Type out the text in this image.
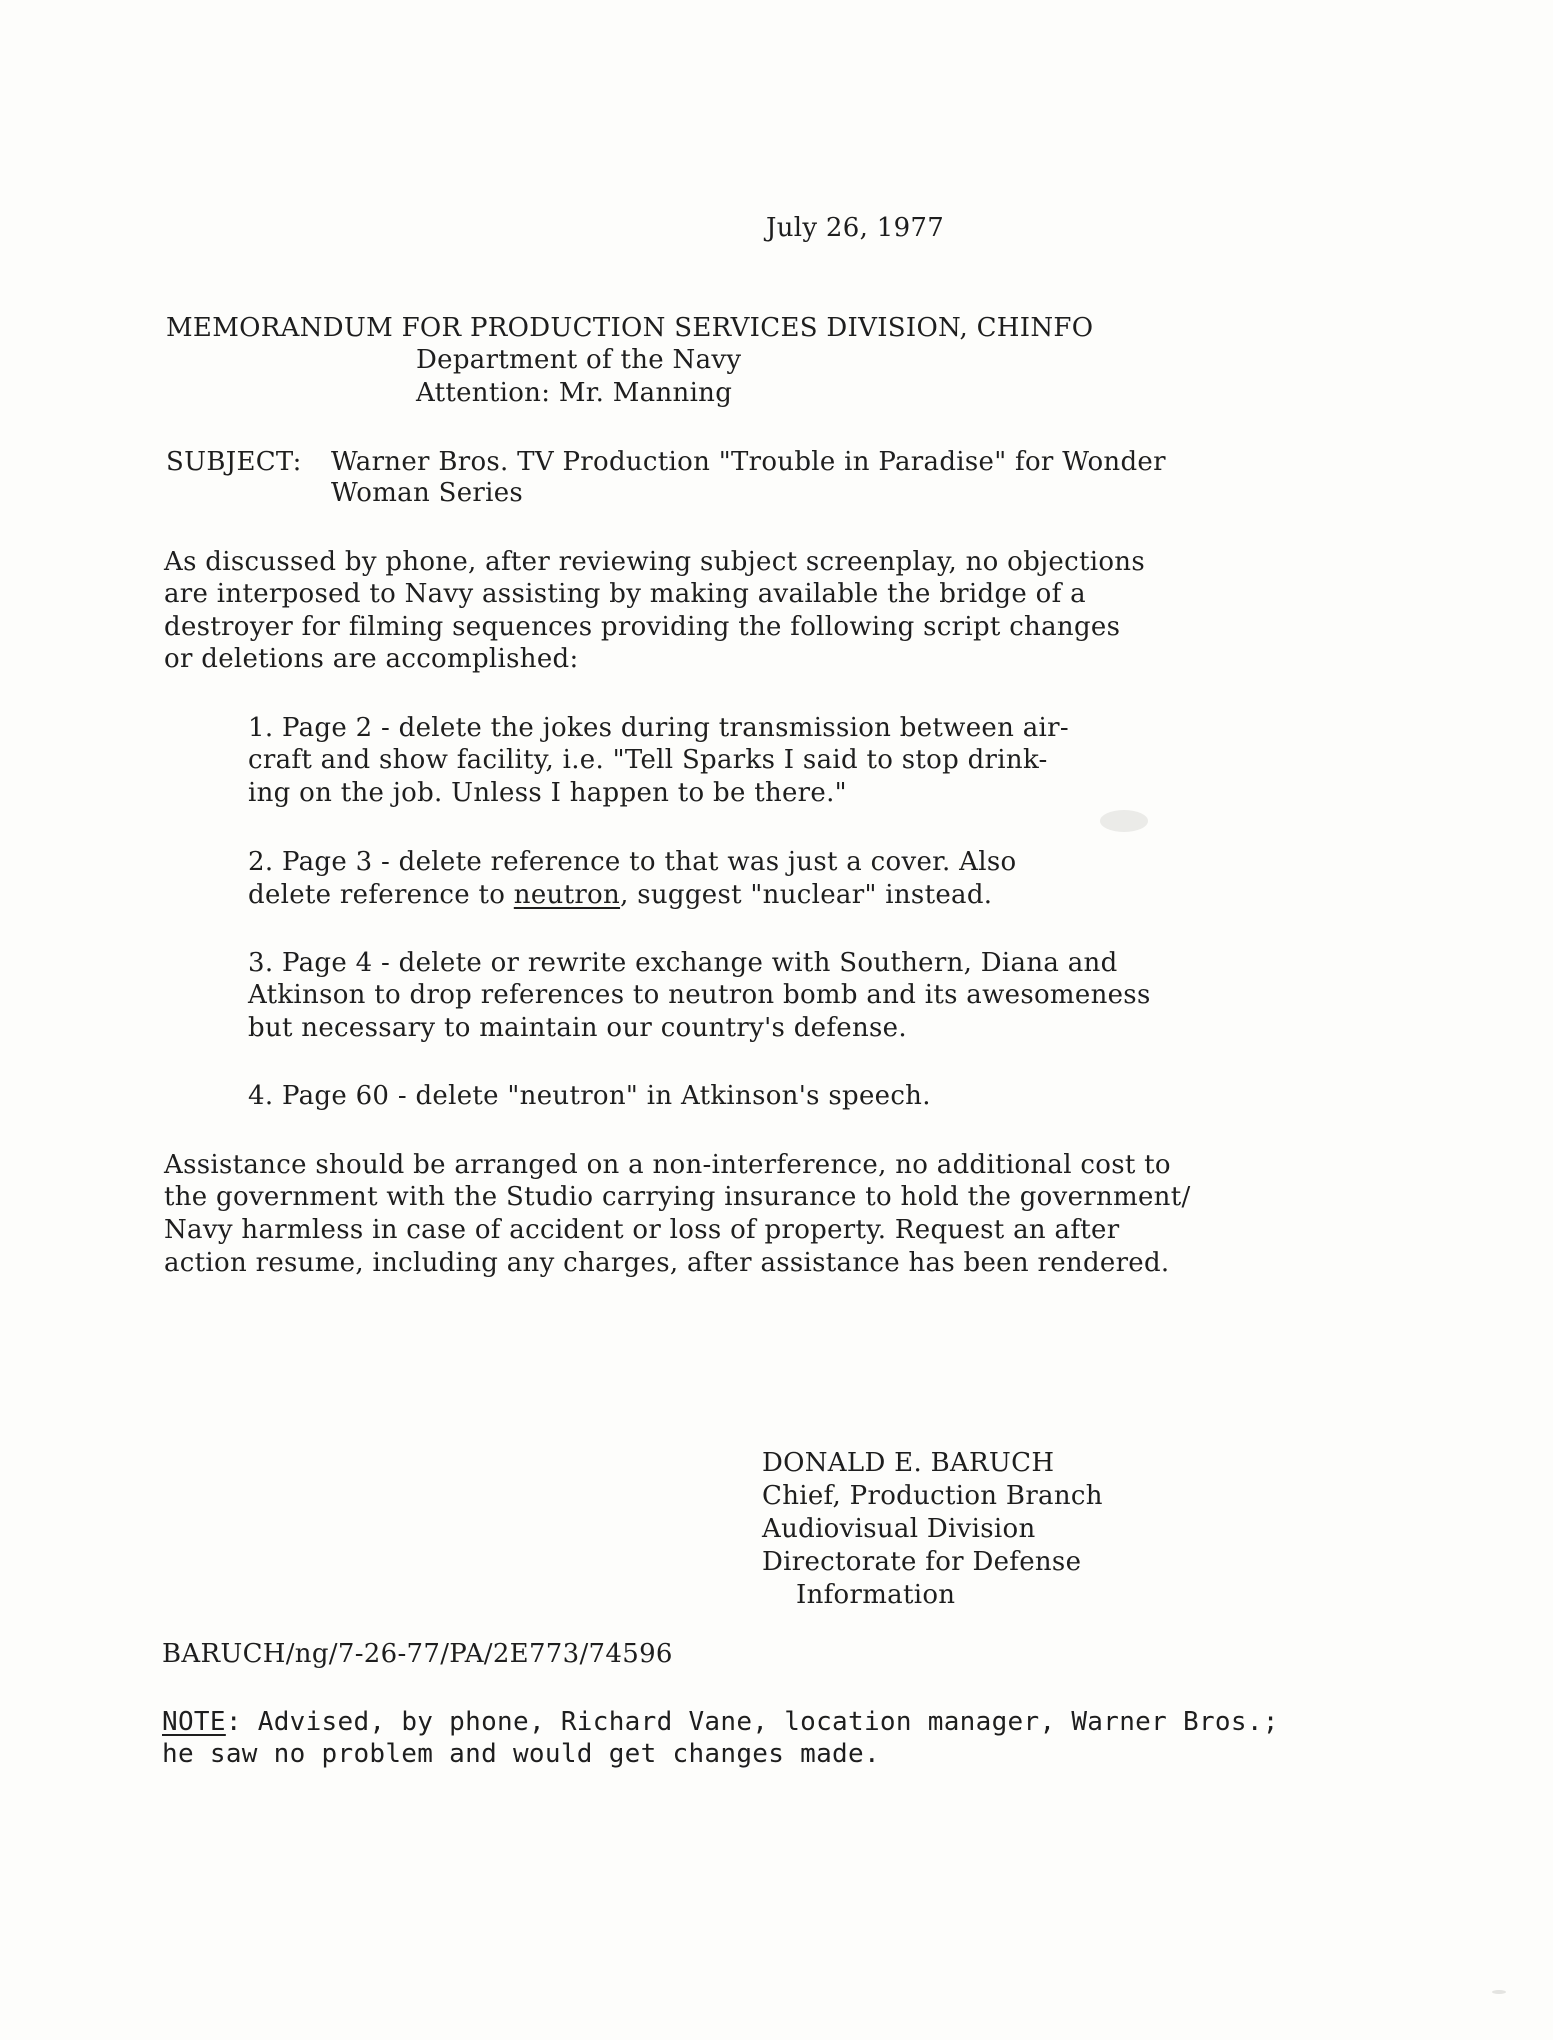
July 26, 1977
MEMORANDUM FOR PRODUCTION SERVICES DIVISION, CHINFO
Department of the Navy
Attention: Mr. Manning
SUBJECT: Warner Bros. TV Production "Trouble in Paradise" for Wonder
Woman Series
As discussed by phone, after reviewing subject screenplay, no objections
are interposed to Navy assisting by making available the bridge of a
destroyer for filming sequences providing the following script changes
or deletions are accomplished:
1. Page 2 - delete the jokes during transmission between air-
craft and show facility, i.e. "Tell Sparks I said to stop drink-
ing on the job. Unless I happen to be there."
2. Page 3 - delete reference to that was just a cover. Also
delete reference to neutron, suggest "nuclear" instead.
3. Page 4 - delete or rewrite exchange with Southern, Diana and
Atkinson to drop references to neutron bomb and its awesomeness
but necessary to maintain our country's defense.
4. Page 60 - delete "neutron" in Atkinson's speech.
Assistance should be arranged on a non-interference, no additional cost to
the government with the Studio carrying insurance to hold the government/
Navy harmless in case of accident or loss of property. Request an after
action resume, including any charges, after assistance has been rendered.
DONALD E. BARUCH
Chief, Production Branch
Audiovisual Division
Directorate for Defense
Information
BARUCH/ng/7-26-77/PA/2E773/74596
NOTE: Advised, by phone, Richard Vane, location manager, Warner Bros.;
he saw no problem and would get changes made.
